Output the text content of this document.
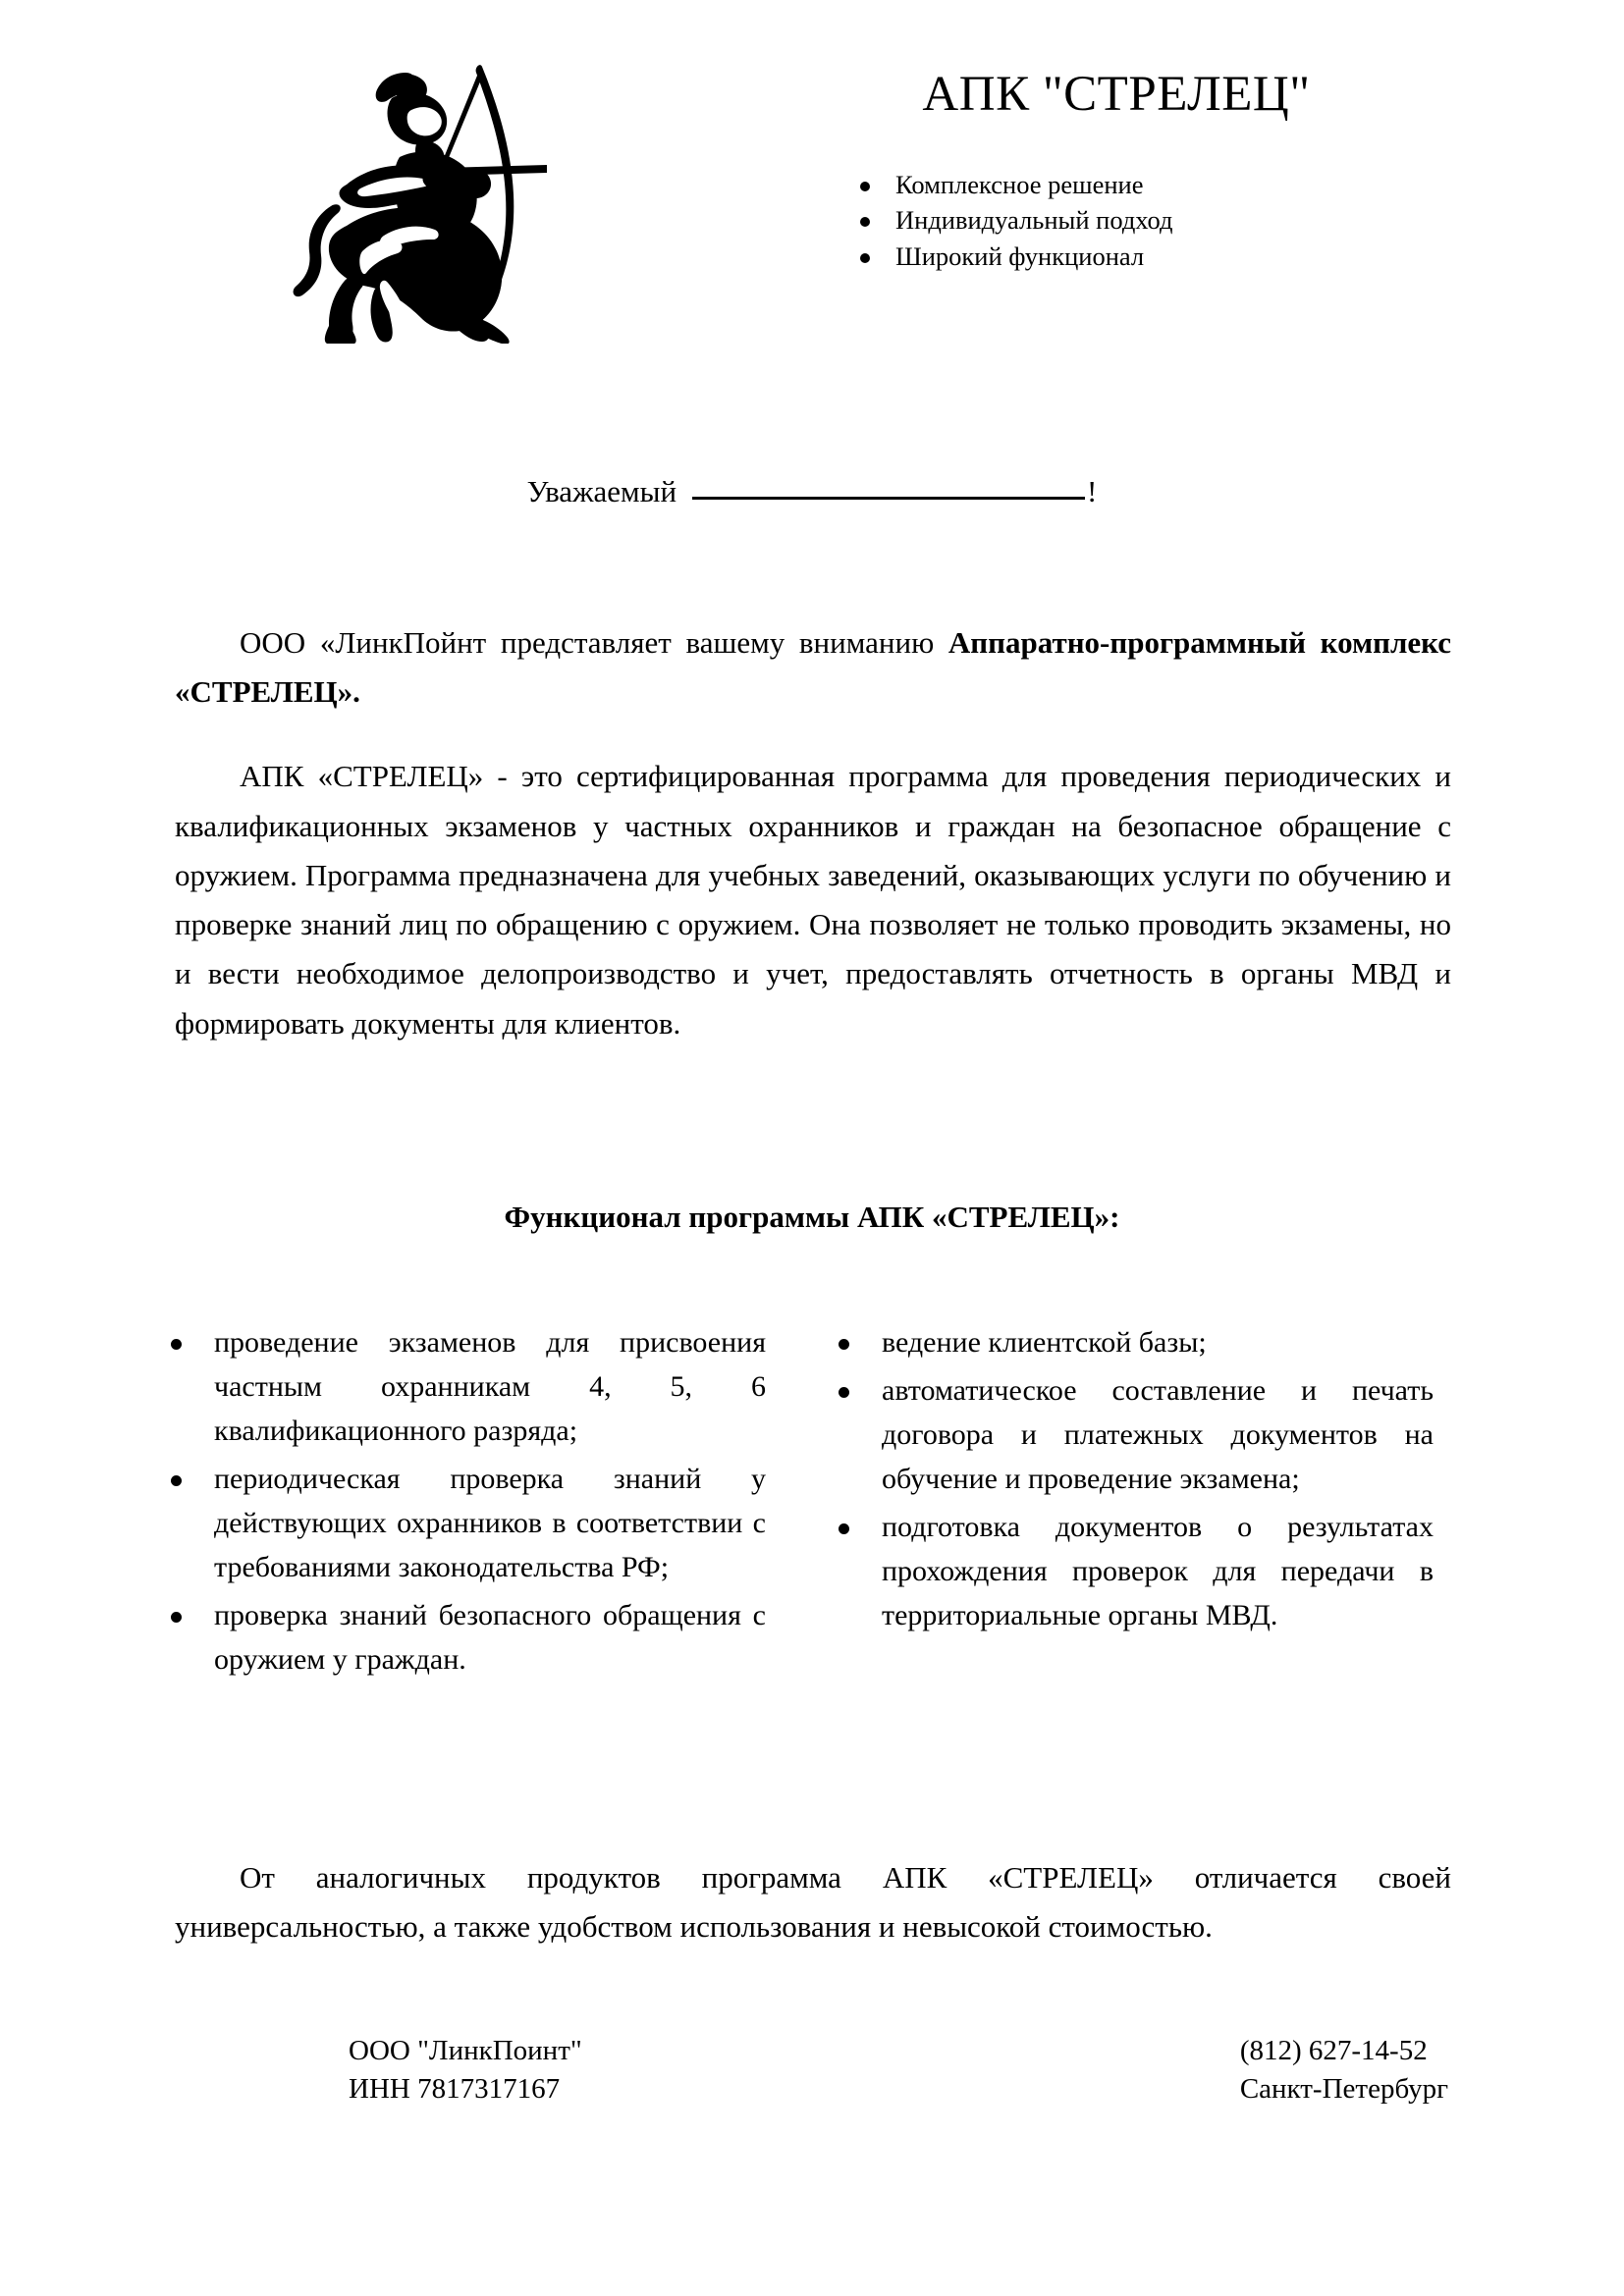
АПК "СТРЕЛЕЦ"
Комплексное решение
Индивидуальный подход
Широкий функционал
Уважаемый	!

ООО «ЛинкПойнт представляет вашему вниманию Аппаратно-программный комплекс «СТРЕЛЕЦ».

АПК «СТРЕЛЕЦ» - это сертифицированная программа для проведения периодических и квалификационных экзаменов у частных охранников и граждан на безопасное обращение с оружием. Программа предназначена для учебных заведений, оказывающих услуги по обучению и проверке знаний лиц по обращению с оружием. Она позволяет не только проводить экзамены, но и вести необходимое делопроизводство и учет, предоставлять отчетность в органы МВД и формировать документы для клиентов.

Функционал программы АПК «СТРЕЛЕЦ»:
проведение экзаменов для присвоения частным охранникам 4, 5, 6 квалификационного разряда;
периодическая проверка знаний у действующих охранников в соответствии с требованиями законодательства РФ;
проверка знаний безопасного обращения с оружием у граждан.
ведение клиентской базы;
автоматическое составление и печать договора и платежных документов на обучение и проведение экзамена;
подготовка документов о результатах прохождения проверок для передачи в территориальные органы МВД.

От аналогичных продуктов программа АПК «СТРЕЛЕЦ» отличается своей универсальностью, а также удобством использования и невысокой стоимостью.

ООО "ЛинкПоинт"
ИНН 7817317167
(812) 627-14-52
Санкт-Петербург
